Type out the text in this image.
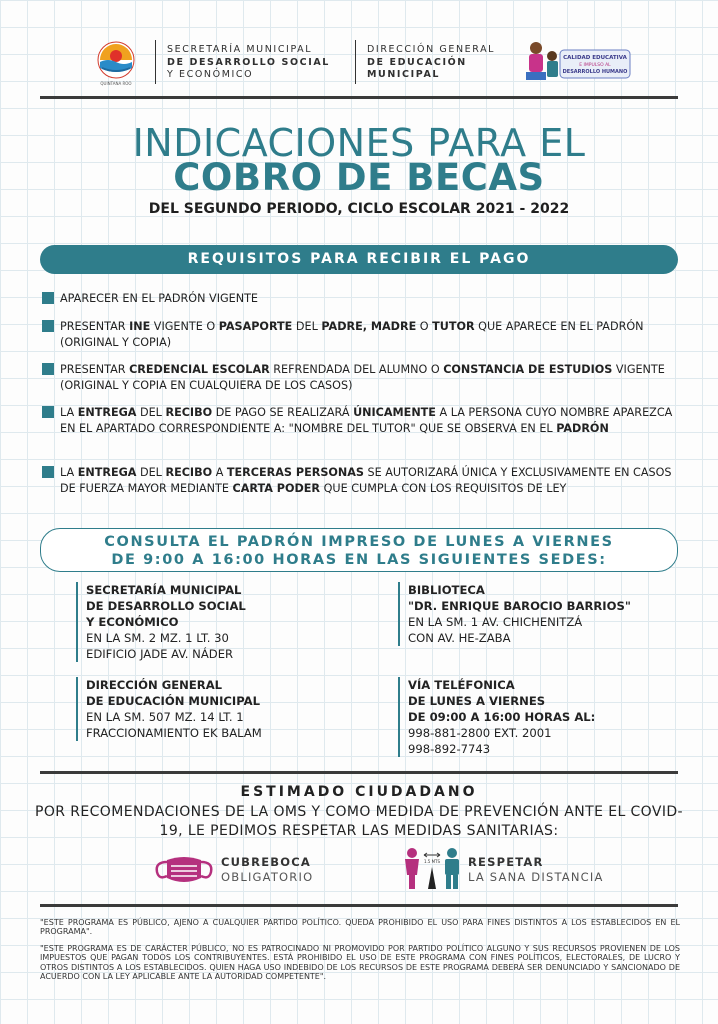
QUINTANA ROO
SECRETARÍA MUNICIPAL
DE DESARROLLO SOCIAL
Y ECONÓMICO
DIRECCIÓN GENERAL
DE EDUCACIÓN
MUNICIPAL
CALIDAD EDUCATIVA
E IMPULSO AL
DESARROLLO HUMANO
INDICACIONES PARA EL
COBRO DE BECAS
DEL SEGUNDO PERIODO, CICLO ESCOLAR 2021 - 2022
REQUISITOS PARA RECIBIR EL PAGO
APARECER EN EL PADRÓN VIGENTE
PRESENTAR INE VIGENTE O PASAPORTE DEL PADRE, MADRE O TUTOR QUE APARECE EN EL PADRÓN (ORIGINAL Y COPIA)
PRESENTAR CREDENCIAL ESCOLAR REFRENDADA DEL ALUMNO O CONSTANCIA DE ESTUDIOS VIGENTE (ORIGINAL Y COPIA EN CUALQUIERA DE LOS CASOS)
LA ENTREGA DEL RECIBO DE PAGO SE REALIZARÁ ÚNICAMENTE A LA PERSONA CUYO NOMBRE APAREZCA EN EL APARTADO CORRESPONDIENTE A: "NOMBRE DEL TUTOR" QUE SE OBSERVA EN EL PADRÓN
LA ENTREGA DEL RECIBO A TERCERAS PERSONAS SE AUTORIZARÁ ÚNICA Y EXCLUSIVAMENTE EN CASOS DE FUERZA MAYOR MEDIANTE CARTA PODER QUE CUMPLA CON LOS REQUISITOS DE LEY
CONSULTA EL PADRÓN IMPRESO DE LUNES A VIERNES
DE 9:00 A 16:00 HORAS EN LAS SIGUIENTES SEDES:
SECRETARÍA MUNICIPAL
DE DESARROLLO SOCIAL
Y ECONÓMICO
EN LA SM. 2 MZ. 1 LT. 30
EDIFICIO JADE AV. NÁDER
BIBLIOTECA
"DR. ENRIQUE BAROCIO BARRIOS"
EN LA SM. 1 AV. CHICHENITZÁ
CON AV. HE-ZABA
DIRECCIÓN GENERAL
DE EDUCACIÓN MUNICIPAL
EN LA SM. 507 MZ. 14 LT. 1
FRACCIONAMIENTO EK BALAM
VÍA TELÉFONICA
DE LUNES A VIERNES
DE 09:00 A 16:00 HORAS AL:
998-881-2800 EXT. 2001
998-892-7743
ESTIMADO CIUDADANO
POR RECOMENDACIONES DE LA OMS Y COMO MEDIDA DE PREVENCIÓN ANTE EL COVID-19, LE PEDIMOS RESPETAR LAS MEDIDAS SANITARIAS:
CUBREBOCA
OBLIGATORIO
1.5 MTS RESPETAR
LA SANA DISTANCIA
"ESTE PROGRAMA ES PÚBLICO, AJENO A CUALQUIER PARTIDO POLÍTICO. QUEDA PROHIBIDO EL USO PARA FINES DISTINTOS A LOS ESTABLECIDOS EN EL PROGRAMA".
"ESTE PROGRAMA ES DE CARÁCTER PÚBLICO, NO ES PATROCINADO NI PROMOVIDO POR PARTIDO POLÍTICO ALGUNO Y SUS RECURSOS PROVIENEN DE LOS IMPUESTOS QUE PAGAN TODOS LOS CONTRIBUYENTES. ESTÁ PROHIBIDO EL USO DE ESTE PROGRAMA CON FINES POLÍTICOS, ELECTORALES, DE LUCRO Y OTROS DISTINTOS A LOS ESTABLECIDOS. QUIEN HAGA USO INDEBIDO DE LOS RECURSOS DE ESTE PROGRAMA DEBERÁ SER DENUNCIADO Y SANCIONADO DE ACUERDO CON LA LEY APLICABLE ANTE LA AUTORIDAD COMPETENTE".
